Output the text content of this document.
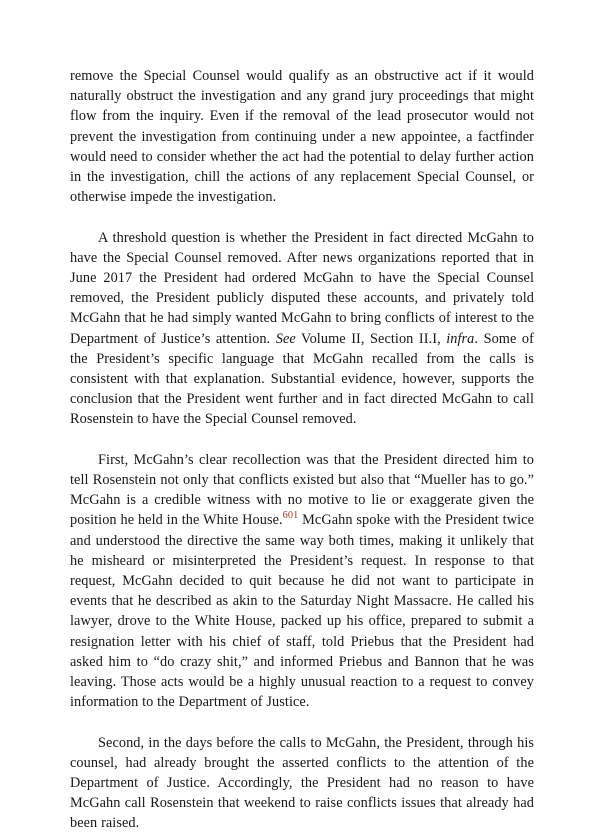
remove the Special Counsel would qualify as an obstructive act if it would naturally obstruct the investigation and any grand jury proceedings that might flow from the inquiry. Even if the removal of the lead prosecutor would not prevent the investigation from continuing under a new appointee, a factfinder would need to consider whether the act had the potential to delay further action in the investigation, chill the actions of any replacement Special Counsel, or otherwise impede the investigation.

A threshold question is whether the President in fact directed McGahn to have the Special Counsel removed. After news organizations reported that in June 2017 the President had ordered McGahn to have the Special Counsel removed, the President publicly disputed these accounts, and privately told McGahn that he had simply wanted McGahn to bring conflicts of interest to the Department of Justice’s attention. See Volume II, Section II.I, infra. Some of the President’s specific language that McGahn recalled from the calls is consistent with that explanation. Substantial evidence, however, supports the conclusion that the President went further and in fact directed McGahn to call Rosenstein to have the Special Counsel removed.

First, McGahn’s clear recollection was that the President directed him to tell Rosenstein not only that conflicts existed but also that “Mueller has to go.” McGahn is a credible witness with no motive to lie or exaggerate given the position he held in the White House.$^{601}$ McGahn spoke with the President twice and understood the directive the same way both times, making it unlikely that he misheard or misinterpreted the President’s request. In response to that request, McGahn decided to quit because he did not want to participate in events that he described as akin to the Saturday Night Massacre. He called his lawyer, drove to the White House, packed up his office, prepared to submit a resignation letter with his chief of staff, told Priebus that the President had asked him to “do crazy shit,” and informed Priebus and Bannon that he was leaving. Those acts would be a highly unusual reaction to a request to convey information to the Department of Justice.

Second, in the days before the calls to McGahn, the President, through his counsel, had already brought the asserted conflicts to the attention of the Department of Justice. Accordingly, the President had no reason to have McGahn call Rosenstein that weekend to raise conflicts issues that already had been raised.
